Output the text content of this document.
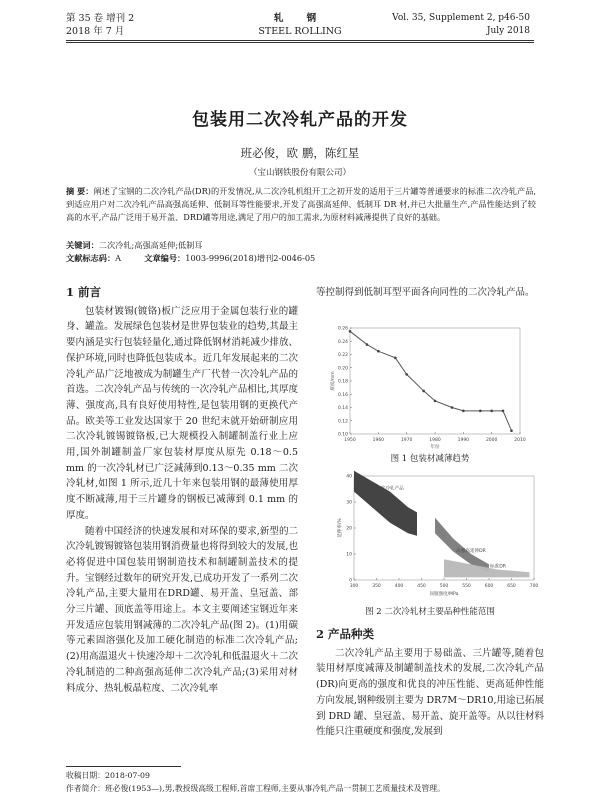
第 35 卷 增刊 2
2018 年 7 月
轧 钢
STEEL ROLLING
Vol. 35, Supplement 2, p46-50
July 2018
包装用二次冷轧产品的开发
班必俊，欧 鹏，陈红星
（宝山钢铁股份有限公司）
摘 要：阐述了宝钢的二次冷轧产品(DR)的开发情况,从二次冷轧机组开工之初开发的适用于三片罐等普通要求的标准二次冷轧产品,到适应用户对二次冷轧产品高强高延伸、低制耳等性能要求,开发了高强高延伸、低制耳 DR 材,并已大批量生产,产品性能达到了较高的水平,产品广泛用于易开盖、DRD罐等用途,满足了用户的加工需求,为原材料减薄提供了良好的基础。
关键词：二次冷轧;高强高延伸;低制耳
文献标志码：A	文章编号：1003-9996(2018)增刊2-0046-05
1 前言

包装材镀锡(镀铬)板广泛应用于金属包装行业的罐身、罐盖。发展绿色包装材是世界包装业的趋势,其最主要内涵是实行包装轻量化,通过降低钢材消耗减少排放、保护环境,同时也降低包装成本。近几年发展起来的二次冷轧产品广泛地被成为制罐生产厂代替一次冷轧产品的首选。二次冷轧产品与传统的一次冷轧产品相比,其厚度薄、强度高,具有良好使用特性,是包装用钢的更换代产品。欧美等工业发达国家于 20 世纪末就开始研制应用二次冷轧镀锡镀铬板,已大规模投入制罐制盖行业上应用,国外制罐制盖厂家包装材厚度从原先 0.18～0.5 mm 的一次冷轧材已广泛减薄到0.13～0.35 mm 二次冷轧材,如图 1 所示,近几十年来包装用钢的最薄使用厚度不断减薄,用于三片罐身的钢板已减薄到 0.1 mm 的厚度。

随着中国经济的快速发展和对环保的要求,新型的二次冷轧镀锡镀铬包装用钢消费量也将得到较大的发展,也必将促进中国包装用钢制造技术和制罐制盖技术的提升。宝钢经过数年的研究开发,已成功开发了一系列二次冷轧产品,主要大量用在DRD罐、易开盖、皇冠盖、部分三片罐、顶底盖等用途上。本文主要阐述宝钢近年来开发适应包装用钢减薄的二次冷轧产品(图 2)。(1)用碳等元素固溶强化及加工硬化制造的标准二次冷轧产品;(2)用高温退火＋快速冷却＋二次冷轧和低温退火＋二次冷轧制造的二种高强高延伸二次冷轧产品;(3)采用对材料成分、热轧板晶粒度、二次冷轧率

等控制得到低制耳型平面各向同性的二次冷轧产品。
0.10
0.12
0.14
0.16
0.18
0.20
0.22
0.24
0.26
1950	1960	1970	1980	1990	2000	2010
年份
厚度/mm
图 1 包装材减薄趋势
0
10
20
30
40
300	350	400	450	500	550	600	650	700
屈服强度/MPa
延伸率/%
一次冷轧产品
高强高延伸DR
标准DR
图 2 二次冷轧材主要品种性能范围
2 产品种类

二次冷轧产品主要用于易础盖、三片罐等,随着包装用材厚度减薄及制罐制盖技术的发展,二次冷轧产品(DR)向更高的强度和优良的冲压性能、更高延伸性能方向发展,钢种级别主要为 DR7M～DR10,用途已拓展到 DRD 罐、皇冠盖、易开盖、旋开盖等。从以往材料性能只注重硬度和强度,发展到

收稿日期：2018-07-09
作者简介：班必俊(1953—),男,教授级高级工程师,首席工程师,主要从事冷轧产品一贯制工艺质量技术及管理。
